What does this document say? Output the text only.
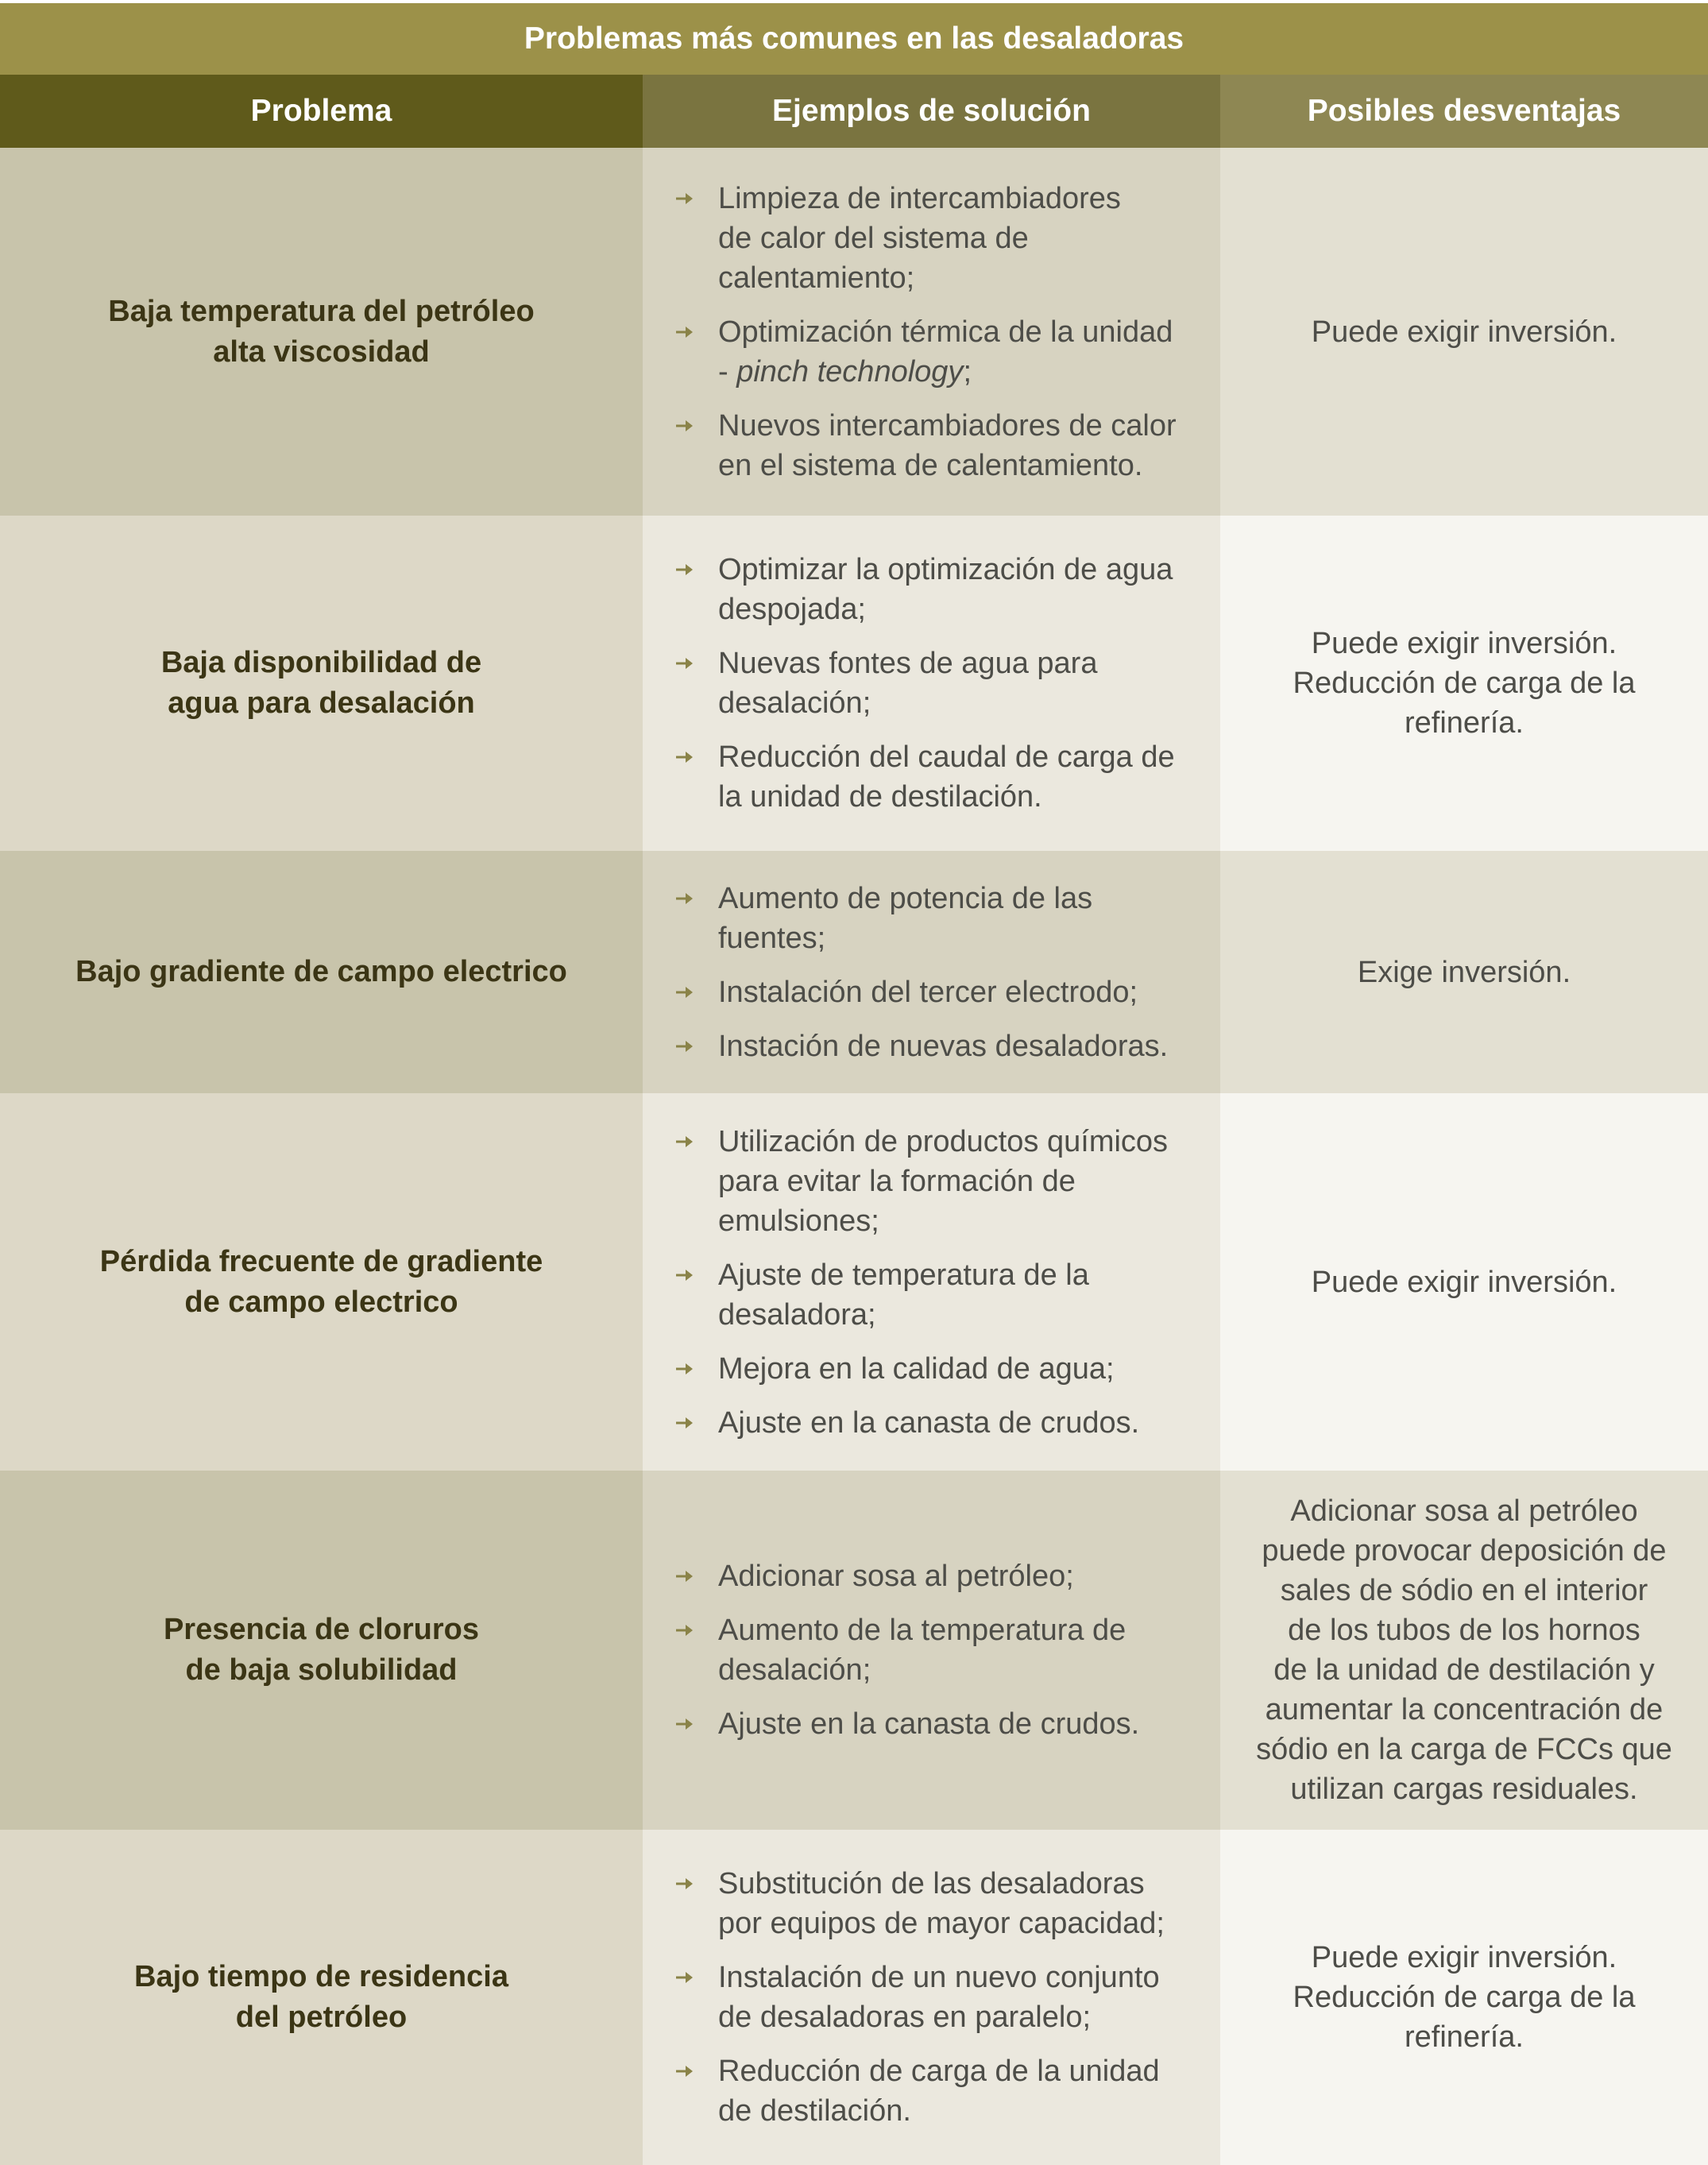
Problemas más comunes en las desaladoras
Problema	Ejemplos de solución	Posibles desventajas
Baja temperatura del petróleo
alta viscosidad
Limpieza de intercambiadores
de calor del sistema de
calentamiento;
Optimización térmica de la unidad
- pinch technology;
Nuevos intercambiadores de calor
en el sistema de calentamiento.
Puede exigir inversión.
Baja disponibilidad de
agua para desalación
Optimizar la optimización de agua
despojada;
Nuevas fontes de agua para
desalación;
Reducción del caudal de carga de
la unidad de destilación.
Puede exigir inversión.
Reducción de carga de la
refinería.
Bajo gradiente de campo electrico
Aumento de potencia de las
fuentes;
Instalación del tercer electrodo;
Instación de nuevas desaladoras.
Exige inversión.
Pérdida frecuente de gradiente
de campo electrico
Utilización de productos químicos
para evitar la formación de
emulsiones;
Ajuste de temperatura de la
desaladora;
Mejora en la calidad de agua;
Ajuste en la canasta de crudos.
Puede exigir inversión.
Presencia de cloruros
de baja solubilidad
Adicionar sosa al petróleo;
Aumento de la temperatura de
desalación;
Ajuste en la canasta de crudos.
Adicionar sosa al petróleo
puede provocar deposición de
sales de sódio en el interior
de los tubos de los hornos
de la unidad de destilación y
aumentar la concentración de
sódio en la carga de FCCs que
utilizan cargas residuales.
Bajo tiempo de residencia
del petróleo
Substitución de las desaladoras
por equipos de mayor capacidad;
Instalación de un nuevo conjunto
de desaladoras en paralelo;
Reducción de carga de la unidad
de destilación.
Puede exigir inversión.
Reducción de carga de la
refinería.
